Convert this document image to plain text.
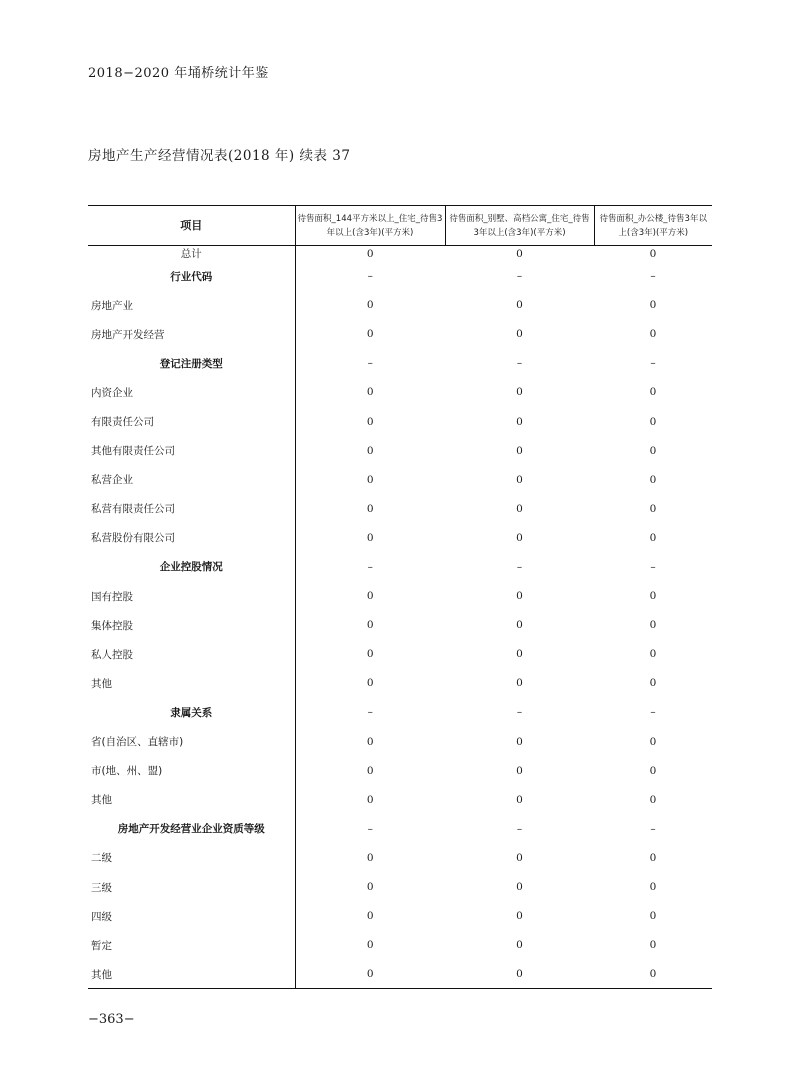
2018−2020 年埇桥统计年鉴
房地产生产经营情况表(2018 年) 续表 37
项目	待售面积_144平方米以上_住宅_待售3年以上(含3年)(平方米)	待售面积_别墅、高档公寓_住宅_待售3年以上(含3年)(平方米)	待售面积_办公楼_待售3年以上(含3年)(平方米)
总计	0	0	0
行业代码	–	–	–
房地产业	0	0	0
房地产开发经营	0	0	0
登记注册类型	–	–	–
内资企业	0	0	0
有限责任公司	0	0	0
其他有限责任公司	0	0	0
私营企业	0	0	0
私营有限责任公司	0	0	0
私营股份有限公司	0	0	0
企业控股情况	–	–	–
国有控股	0	0	0
集体控股	0	0	0
私人控股	0	0	0
其他	0	0	0
隶属关系	–	–	–
省(自治区、直辖市)	0	0	0
市(地、州、盟)	0	0	0
其他	0	0	0
房地产开发经营业企业资质等级	–	–	–
二级	0	0	0
三级	0	0	0
四级	0	0	0
暂定	0	0	0
其他	0	0	0
−363−
